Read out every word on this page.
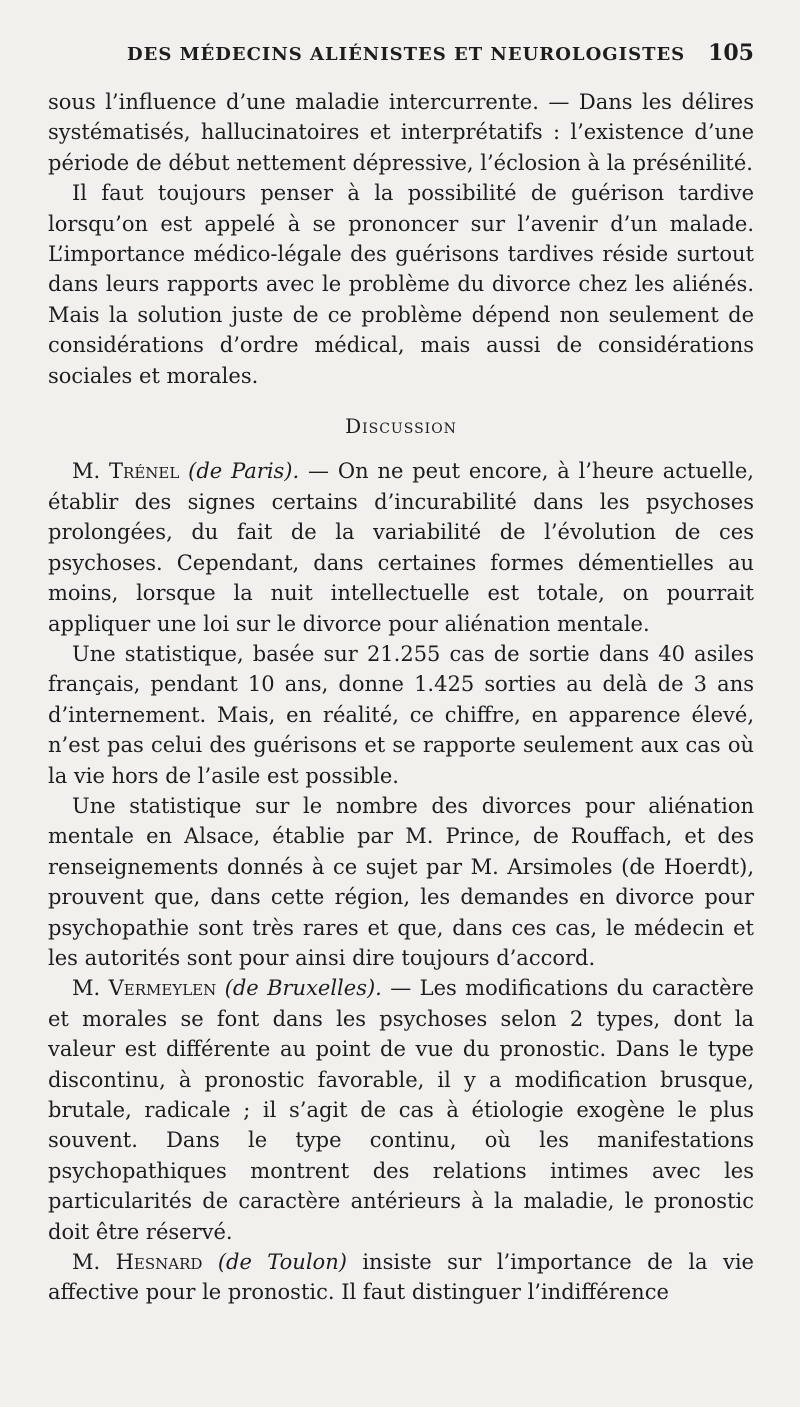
DES MÉDECINS ALIÉNISTES ET NEUROLOGISTES 105

sous l’influence d’une maladie intercurrente. — Dans les délires systématisés, hallucinatoires et interprétatifs : l’existence d’une période de début nettement dépressive, l’éclosion à la présénilité.

Il faut toujours penser à la possibilité de guérison tardive lorsqu’on est appelé à se prononcer sur l’avenir d’un malade. L’importance médico-légale des guérisons tardives réside surtout dans leurs rapports avec le problème du divorce chez les aliénés. Mais la solution juste de ce problème dépend non seulement de considérations d’ordre médical, mais aussi de considérations sociales et morales.

Discussion

M. Trénel (de Paris). — On ne peut encore, à l’heure actuelle, établir des signes certains d’incurabilité dans les psychoses prolongées, du fait de la variabilité de l’évolution de ces psychoses. Cependant, dans certaines formes démentielles au moins, lorsque la nuit intellectuelle est totale, on pourrait appliquer une loi sur le divorce pour aliénation mentale.

Une statistique, basée sur 21.255 cas de sortie dans 40 asiles français, pendant 10 ans, donne 1.425 sorties au delà de 3 ans d’internement. Mais, en réalité, ce chiffre, en apparence élevé, n’est pas celui des guérisons et se rapporte seulement aux cas où la vie hors de l’asile est possible.

Une statistique sur le nombre des divorces pour aliénation mentale en Alsace, établie par M. Prince, de Rouffach, et des renseignements donnés à ce sujet par M. Arsimoles (de Hoerdt), prouvent que, dans cette région, les demandes en divorce pour psychopathie sont très rares et que, dans ces cas, le médecin et les autorités sont pour ainsi dire toujours d’accord.

M. Vermeylen (de Bruxelles). — Les modifications du caractère et morales se font dans les psychoses selon 2 types, dont la valeur est différente au point de vue du pronostic. Dans le type discontinu, à pronostic favorable, il y a modification brusque, brutale, radicale ; il s’agit de cas à étiologie exogène le plus souvent. Dans le type continu, où les manifestations psychopathiques montrent des relations intimes avec les particularités de caractère antérieurs à la maladie, le pronostic doit être réservé.

M. Hesnard (de Toulon) insiste sur l’importance de la vie affective pour le pronostic. Il faut distinguer l’indifférence
